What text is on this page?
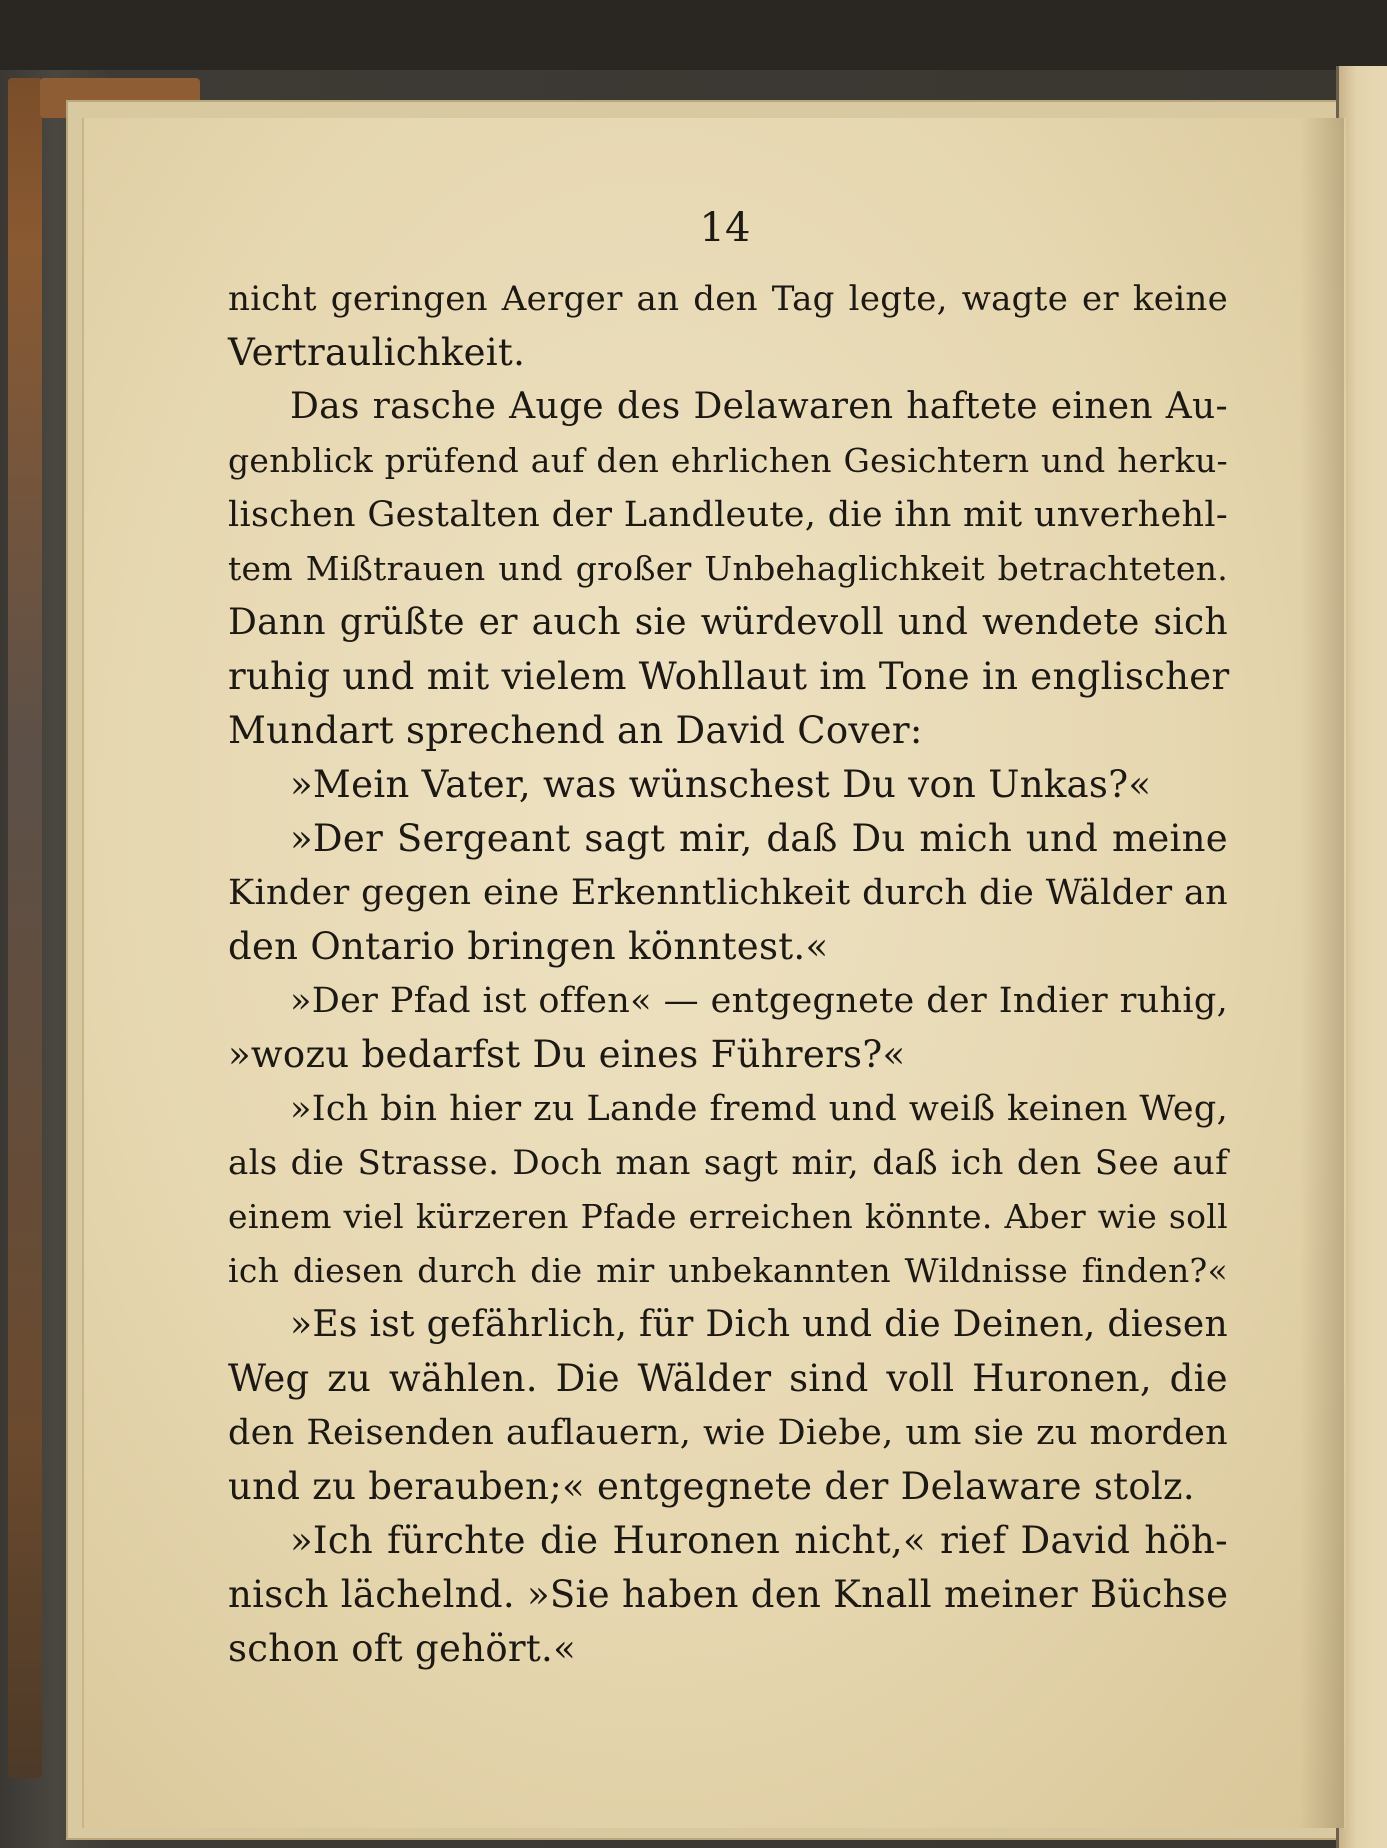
14
nicht geringen Aerger an den Tag legte, wagte er keine
Vertraulichkeit.
Das rasche Auge des Delawaren haftete einen Au-
genblick prüfend auf den ehrlichen Gesichtern und herku-
lischen Gestalten der Landleute, die ihn mit unverhehl-
tem Mißtrauen und großer Unbehaglichkeit betrachteten.
Dann grüßte er auch sie würdevoll und wendete sich
ruhig und mit vielem Wohllaut im Tone in englischer
Mundart sprechend an David Cover:
»Mein Vater, was wünschest Du von Unkas?«
»Der Sergeant sagt mir, daß Du mich und meine
Kinder gegen eine Erkenntlichkeit durch die Wälder an
den Ontario bringen könntest.«
»Der Pfad ist offen« — entgegnete der Indier ruhig,
»wozu bedarfst Du eines Führers?«
»Ich bin hier zu Lande fremd und weiß keinen Weg,
als die Strasse. Doch man sagt mir, daß ich den See auf
einem viel kürzeren Pfade erreichen könnte. Aber wie soll
ich diesen durch die mir unbekannten Wildnisse finden?«
»Es ist gefährlich, für Dich und die Deinen, diesen
Weg zu wählen. Die Wälder sind voll Huronen, die
den Reisenden auflauern, wie Diebe, um sie zu morden
und zu berauben;« entgegnete der Delaware stolz.
»Ich fürchte die Huronen nicht,« rief David höh-
nisch lächelnd. »Sie haben den Knall meiner Büchse
schon oft gehört.«
